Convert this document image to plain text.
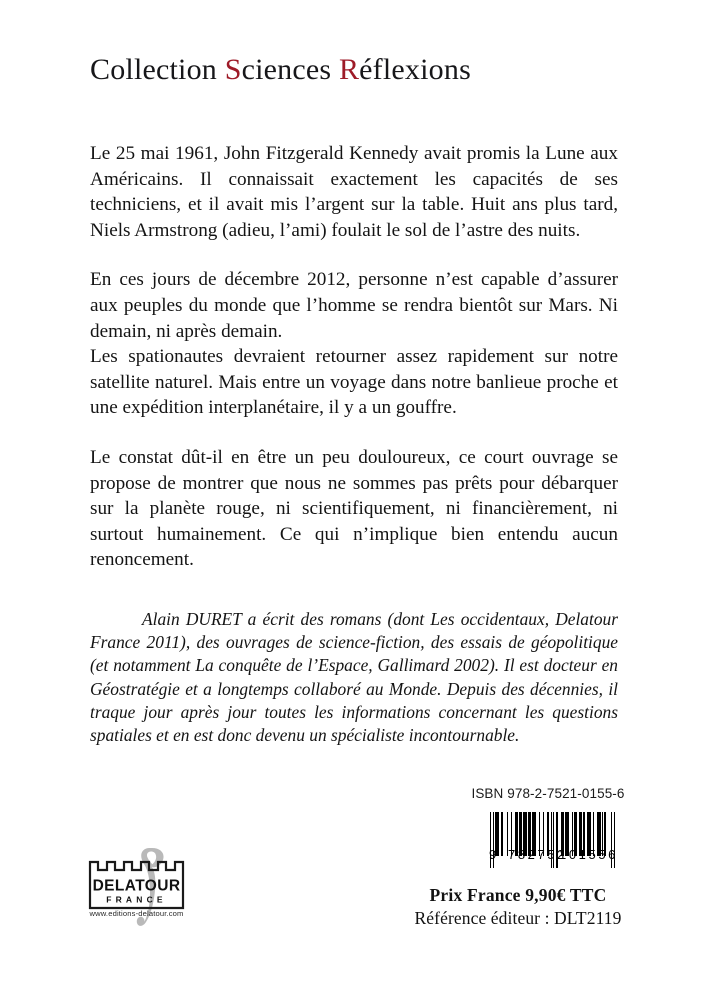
Collection Sciences Réflexions

Le 25 mai 1961, John Fitzgerald Kennedy avait promis la Lune aux Américains. Il connaissait exactement les capacités de ses techniciens, et il avait mis l’argent sur la table. Huit ans plus tard, Niels Armstrong (adieu, l’ami) foulait le sol de l’astre des nuits.

En ces jours de décembre 2012, personne n’est capable d’assurer aux peuples du monde que l’homme se rendra bientôt sur Mars. Ni demain, ni après demain.

Les spationautes devraient retourner assez rapidement sur notre satellite naturel. Mais entre un voyage dans notre banlieue proche et une expédition interplanétaire, il y a un gouffre.

Le constat dût-il en être un peu douloureux, ce court ouvrage se propose de montrer que nous ne sommes pas prêts pour débarquer sur la planète rouge, ni scientifiquement, ni financièrement, ni surtout humainement. Ce qui n’implique bien entendu aucun renoncement.

Alain DURET a écrit des romans (dont Les occidentaux, Delatour France 2011), des ouvrages de science-fiction, des essais de géopolitique (et notamment La conquête de l’Espace, Gallimard 2002). Il est docteur en Géostratégie et a longtemps collaboré au Monde. Depuis des décennies, il traque jour après jour toutes les informations concernant les questions spatiales et en est donc devenu un spécialiste incontournable.

ISBN 978-2-7521-0155-6
9 782752
101556
DELATOUR
FRANCE
www.editions-delatour.com
Prix France 9,90€ TTC
Référence éditeur : DLT2119
